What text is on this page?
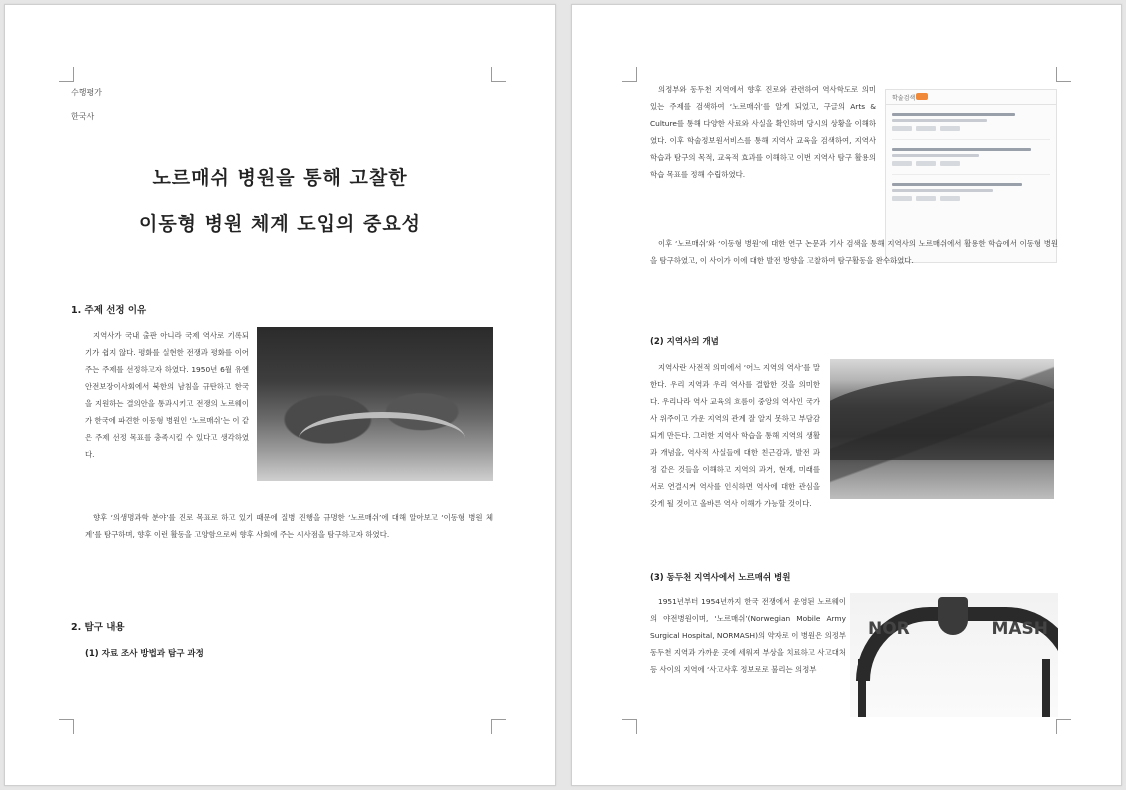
수행평가
한국사
노르매쉬 병원을 통해 고찰한
이동형 병원 체계 도입의 중요성
1. 주제 선정 이유

지역사가 국내 출판 아니라 국제 역사로 기록되기가 쉽지 않다. 평화를 실현한 전쟁과 평화를 이어주는 주제를 선정하고자 하였다. 1950년 6월 유엔안전보장이사회에서 북한의 남침을 규탄하고 한국을 지원하는 결의안을 통과시키고 전쟁의 노르웨이가 한국에 파견한 이동형 병원인 ‘노르매쉬’는 이 같은 주제 선정 목표를 충족시킬 수 있다고 생각하였다.

향후 ‘의생명과학 분야’를 진로 목표로 하고 있기 때문에 질병 진행을 규명한 ‘노르매쉬’에 대해 알아보고 ‘이동형 병원 체계’를 탐구하며, 향후 이런 활동을 고양함으로써 향후 사회에 주는 시사점을 탐구하고자 하였다.

2. 탐구 내용
(1) 자료 조사 방법과 탐구 과정

의정부와 동두천 지역에서 향후 진로와 관련하여 역사학도로 의미 있는 주제를 검색하여 ‘노르매쉬’를 알게 되었고, 구글의 Arts & Culture를 통해 다양한 사료와 사실을 확인하며 당시의 상황을 이해하였다. 이후 학술정보원서비스를 통해 지역사 교육을 검색하여, 지역사 학습과 탐구의 목적, 교육적 효과를 이해하고 이번 지역사 탐구 활용의 학습 목표를 정해 수립하였다.

학술검색

이후 ‘노르매쉬’와 ‘이동형 병원’에 대한 연구 논문과 기사 검색을 통해 지역사의 노르매쉬에서 활용한 학습에서 이동형 병원을 탐구하였고, 이 사이가 이에 대한 발전 방향을 고찰하여 탐구활동을 완수하였다.

(2) 지역사의 개념

지역사란 사전적 의미에서 ‘어느 지역의 역사’를 말한다. 우리 지역과 우리 역사를 결합한 것을 의미한다. 우리나라 역사 교육의 흐름이 중앙의 역사인 국가사 위주이고 가운 지역의 관계 잘 알지 못하고 부담감되게 만든다. 그러한 지역사 학습을 통해 지역의 생활과 개념을, 역사적 사실들에 대한 친근감과, 발전 과정 같은 것들을 이해하고 지역의 과거, 현재, 미래를 서로 연결시켜 역사를 인식하면 역사에 대한 관심을 갖게 될 것이고 올바른 역사 이해가 가능할 것이다.

(3) 동두천 지역사에서 노르매쉬 병원

1951년부터 1954년까지 한국 전쟁에서 운영된 노르웨이의 야전병원이며, ‘노르매쉬’(Norwegian Mobile Army Surgical Hospital, NORMASH)의 약자로 이 병원은 의정부 동두천 지역과 가까운 곳에 세워져 부상을 치료하고 사고대처 등 사이의 지역에 ‘사고사후 정보로로 불리는 의정부

NOR	MASH
